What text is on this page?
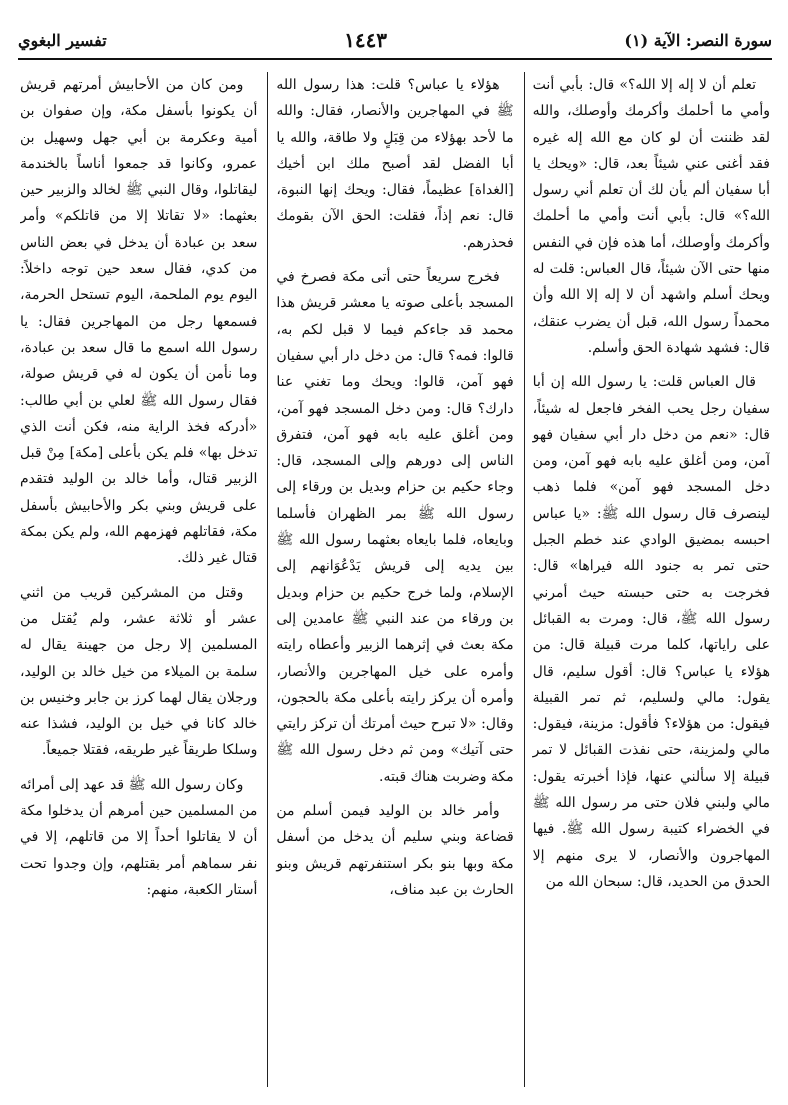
سورة النصر: الآية (١)
١٤٤٣
تفسير البغوي

تعلم أن لا إله إلا الله؟» قال: بأبي أنت وأمي ما أحلمك وأكرمك وأوصلك، والله لقد ظننت أن لو كان مع الله إله غيره فقد أغنى عني شيئاً بعد، قال: «ويحك يا أبا سفيان ألم يأن لك أن تعلم أني رسول الله؟» قال: بأبي أنت وأمي ما أحلمك وأكرمك وأوصلك، أما هذه فإن في النفس منها حتى الآن شيئاً، قال العباس: قلت له ويحك أسلم واشهد أن لا إله إلا الله وأن محمداً رسول الله، قبل أن يضرب عنقك، قال: فشهد شهادة الحق وأسلم.

قال العباس قلت: يا رسول الله إن أبا سفيان رجل يحب الفخر فاجعل له شيئاً، قال: «نعم من دخل دار أبي سفيان فهو آمن، ومن أغلق عليه بابه فهو آمن، ومن دخل المسجد فهو آمن» فلما ذهب لينصرف قال رسول الله ﷺ: «يا عباس احبسه بمضيق الوادي عند خطم الجبل حتى تمر به جنود الله فيراها» قال: فخرجت به حتى حبسته حيث أمرني رسول الله ﷺ، قال: ومرت به القبائل على راياتها، كلما مرت قبيلة قال: من هؤلاء يا عباس؟ قال: أقول سليم، قال يقول: مالي ولسليم، ثم تمر القبيلة فيقول: من هؤلاء؟ فأقول: مزينة، فيقول: مالي ولمزينة، حتى نفذت القبائل لا تمر قبيلة إلا سألني عنها، فإذا أخبرته يقول: مالي ولبني فلان حتى مر رسول الله ﷺ في الخضراء كتيبة رسول الله ﷺ. فيها المهاجرون والأنصار، لا يرى منهم إلا الحدق من الحديد، قال: سبحان الله من

هؤلاء يا عباس؟ قلت: هذا رسول الله ﷺ في المهاجرين والأنصار، فقال: والله ما لأحد بهؤلاء من قِبَلٍ ولا طاقة، والله يا أبا الفضل لقد أصبح ملك ابن أخيك [الغداة] عظيماً، فقال: ويحك إنها النبوة، قال: نعم إذاً، فقلت: الحق الآن بقومك فحذرهم.

فخرج سريعاً حتى أتى مكة فصرخ في المسجد بأعلى صوته يا معشر قريش هذا محمد قد جاءكم فيما لا قبل لكم به، قالوا: فمه؟ قال: من دخل دار أبي سفيان فهو آمن، قالوا: ويحك وما تغني عنا دارك؟ قال: ومن دخل المسجد فهو آمن، ومن أغلق عليه بابه فهو آمن، فتفرق الناس إلى دورهم وإلى المسجد، قال: وجاء حكيم بن حزام وبديل بن ورقاء إلى رسول الله ﷺ بمر الظهران فأسلما وبايعاه، فلما بايعاه بعثهما رسول الله ﷺ بين يديه إلى قريش يَدْعُوَانهم إلى الإسلام، ولما خرج حكيم بن حزام وبديل بن ورقاء من عند النبي ﷺ عامدين إلى مكة بعث في إثرهما الزبير وأعطاه رايته وأمره على خيل المهاجرين والأنصار، وأمره أن يركز رايته بأعلى مكة بالحجون، وقال: «لا تبرح حيث أمرتك أن تركز رايتي حتى آتيك» ومن ثم دخل رسول الله ﷺ مكة وضربت هناك قبته.

وأمر خالد بن الوليد فيمن أسلم من قضاعة وبني سليم أن يدخل من أسفل مكة وبها بنو بكر استنفرتهم قريش وبنو الحارث بن عبد مناف،

ومن كان من الأحابيش أمرتهم قريش أن يكونوا بأسفل مكة، وإن صفوان بن أمية وعكرمة بن أبي جهل وسهيل بن عمرو، وكانوا قد جمعوا أناساً بالخندمة ليقاتلوا، وقال النبي ﷺ لخالد والزبير حين بعثهما: «لا تقاتلا إلا من قاتلكم» وأمر سعد بن عبادة أن يدخل في بعض الناس من كدي، فقال سعد حين توجه داخلاً: اليوم يوم الملحمة، اليوم تستحل الحرمة، فسمعها رجل من المهاجرين فقال: يا رسول الله اسمع ما قال سعد بن عبادة، وما نأمن أن يكون له في قريش صولة، فقال رسول الله ﷺ لعلي بن أبي طالب: «أدركه فخذ الراية منه، فكن أنت الذي تدخل بها» فلم يكن بأعلى [مكة] مِنْ قبل الزبير قتال، وأما خالد بن الوليد فتقدم على قريش وبني بكر والأحابيش بأسفل مكة، فقاتلهم فهزمهم الله، ولم يكن بمكة قتال غير ذلك.

وقتل من المشركين قريب من اثني عشر أو ثلاثة عشر، ولم يُقتل من المسلمين إلا رجل من جهينة يقال له سلمة بن الميلاء من خيل خالد بن الوليد، ورجلان يقال لهما كرز بن جابر وخنيس بن خالد كانا في خيل بن الوليد، فشذا عنه وسلكا طريقاً غير طريقه، فقتلا جميعاً.

وكان رسول الله ﷺ قد عهد إلى أمرائه من المسلمين حين أمرهم أن يدخلوا مكة أن لا يقاتلوا أحداً إلا من قاتلهم، إلا في نفر سماهم أمر بقتلهم، وإن وجدوا تحت أستار الكعبة، منهم:
